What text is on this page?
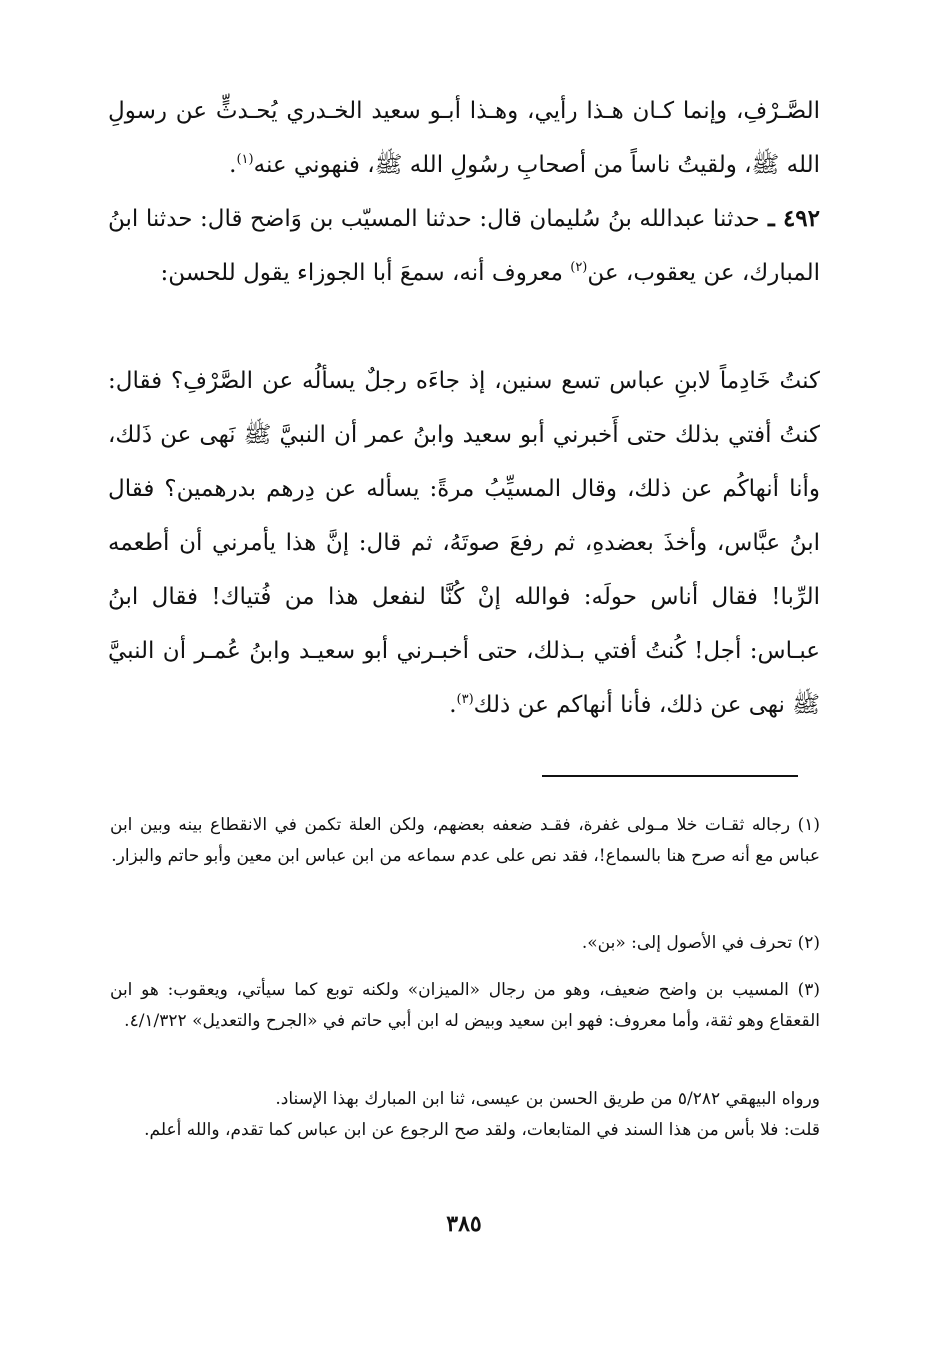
الصَّـرْفِ، وإنما كـان هـذا رأيي، وهـذا أبـو سعيد الخـدري يُحـدثٍّ عن رسولِ الله ﷺ، ولقيتُ ناساً من أصحابِ رسُولِ الله ﷺ، فنهوني عنه$^{(١)}$.

٤٩٢ ـ حدثنا عبدالله بنُ سُليمان قال: حدثنا المسيّب بن وَاضح قال: حدثنا ابنُ المبارك، عن يعقوب، عن$^{(٢)}$ معروف أنه، سمعَ أبا الجوزاء يقول للحسن:

كنتُ خَادِماً لابنِ عباس تسع سنين، إذ جاءَه رجلٌ يسألُه عن الصَّرْفِ؟ فقال: كنتُ أفتي بذلك حتى أَخبرني أبو سعيد وابنُ عمر أن النبيَّ ﷺ نَهى عن ذَلك، وأنا أنهاكُم عن ذلك، وقال المسيِّبُ مرةً: يسأله عن دِرهم بدرهمين؟ فقال ابنُ عبَّاس، وأخذَ بعضدهِ، ثم رفعَ صوتَهُ، ثم قال: إنَّ هذا يأمرني أن أطعمه الرِّبا! فقال أناس حولَه: فوالله إنْ كُنَّا لنفعل هذا من فُتياك! فقال ابنُ عبـاس: أجل! كُنتُ أفتي بـذلك، حتى أخبـرني أبو سعيـد وابنُ عُمـر أن النبيَّ ﷺ نهى عن ذلك، فأنا أنهاكم عن ذلك$^{(٣)}$.

(١) رجاله ثقـات خلا مـولى غفرة، فقـد ضعفه بعضهم، ولكن العلة تكمن في الانقطاع بينه وبين ابن عباس مع أنه صرح هنا بالسماع!، فقد نص على عدم سماعه من ابن عباس ابن معين وأبو حاتم والبزار.

(٢) تحرف في الأصول إلى: «بن».

(٣) المسيب بن واضح ضعيف، وهو من رجال «الميزان» ولكنه توبع كما سيأتي، ويعقوب: هو ابن القعقاع وهو ثقة، وأما معروف: فهو ابن سعيد وبيض له ابن أبي حاتم في «الجرح والتعديل» ٤/١/٣٢٢.

ورواه البيهقي ٥/٢٨٢ من طريق الحسن بن عيسى، ثنا ابن المبارك بهذا الإسناد.

قلت: فلا بأس من هذا السند في المتابعات، ولقد صح الرجوع عن ابن عباس كما تقدم، والله أعلم.

٣٨٥
